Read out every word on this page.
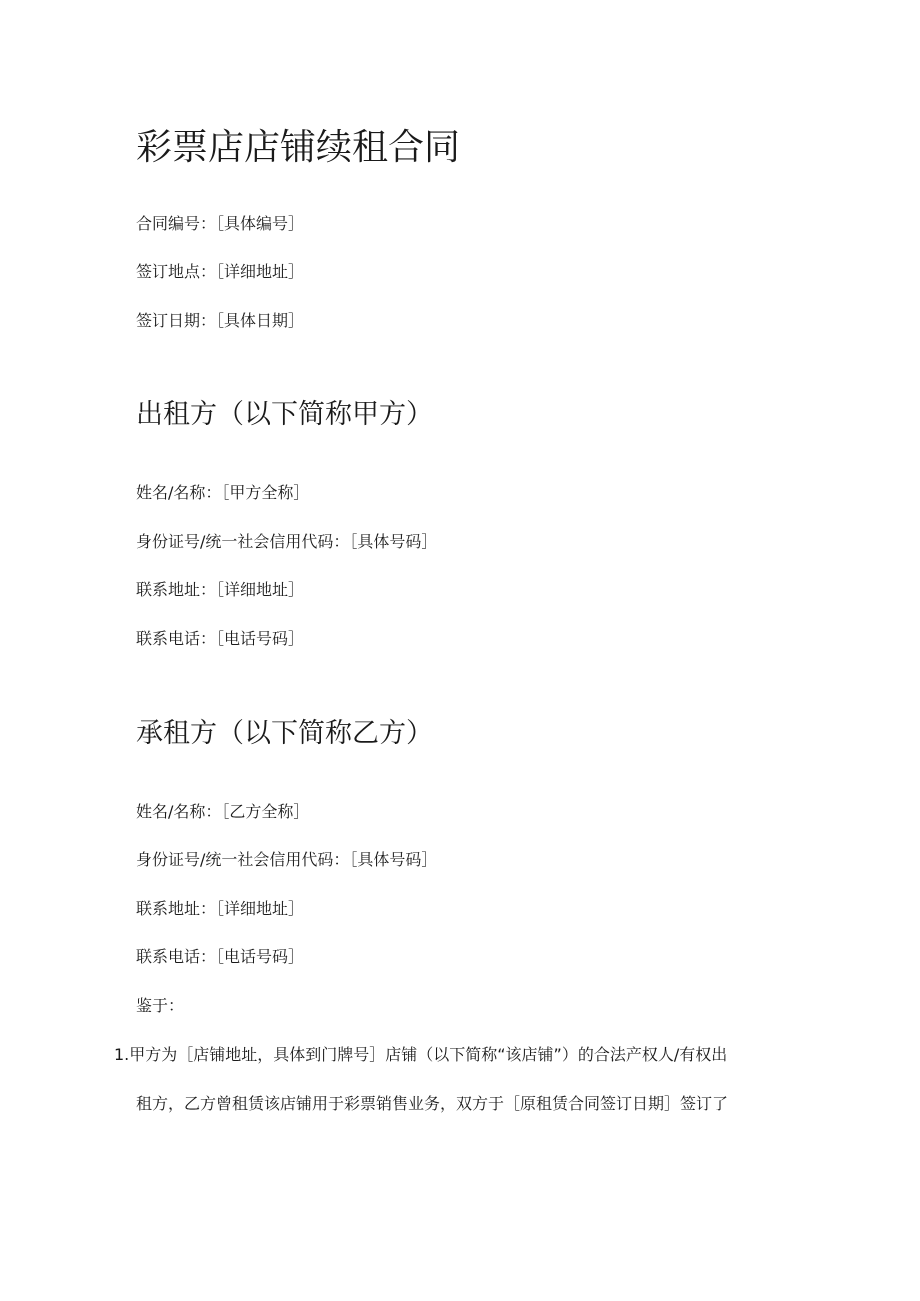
彩票店店铺续租合同

合同编号：［具体编号］

签订地点：［详细地址］

签订日期：［具体日期］

出租方（以下简称甲方）

姓名/名称：［甲方全称］

身份证号/统一社会信用代码：［具体号码］

联系地址：［详细地址］

联系电话：［电话号码］

承租方（以下简称乙方）

姓名/名称：［乙方全称］

身份证号/统一社会信用代码：［具体号码］

联系地址：［详细地址］

联系电话：［电话号码］

鉴于：

1.甲方为［店铺地址，具体到门牌号］店铺（以下简称“该店铺”）的合法产权人/有权出

租方，乙方曾租赁该店铺用于彩票销售业务，双方于［原租赁合同签订日期］签订了
